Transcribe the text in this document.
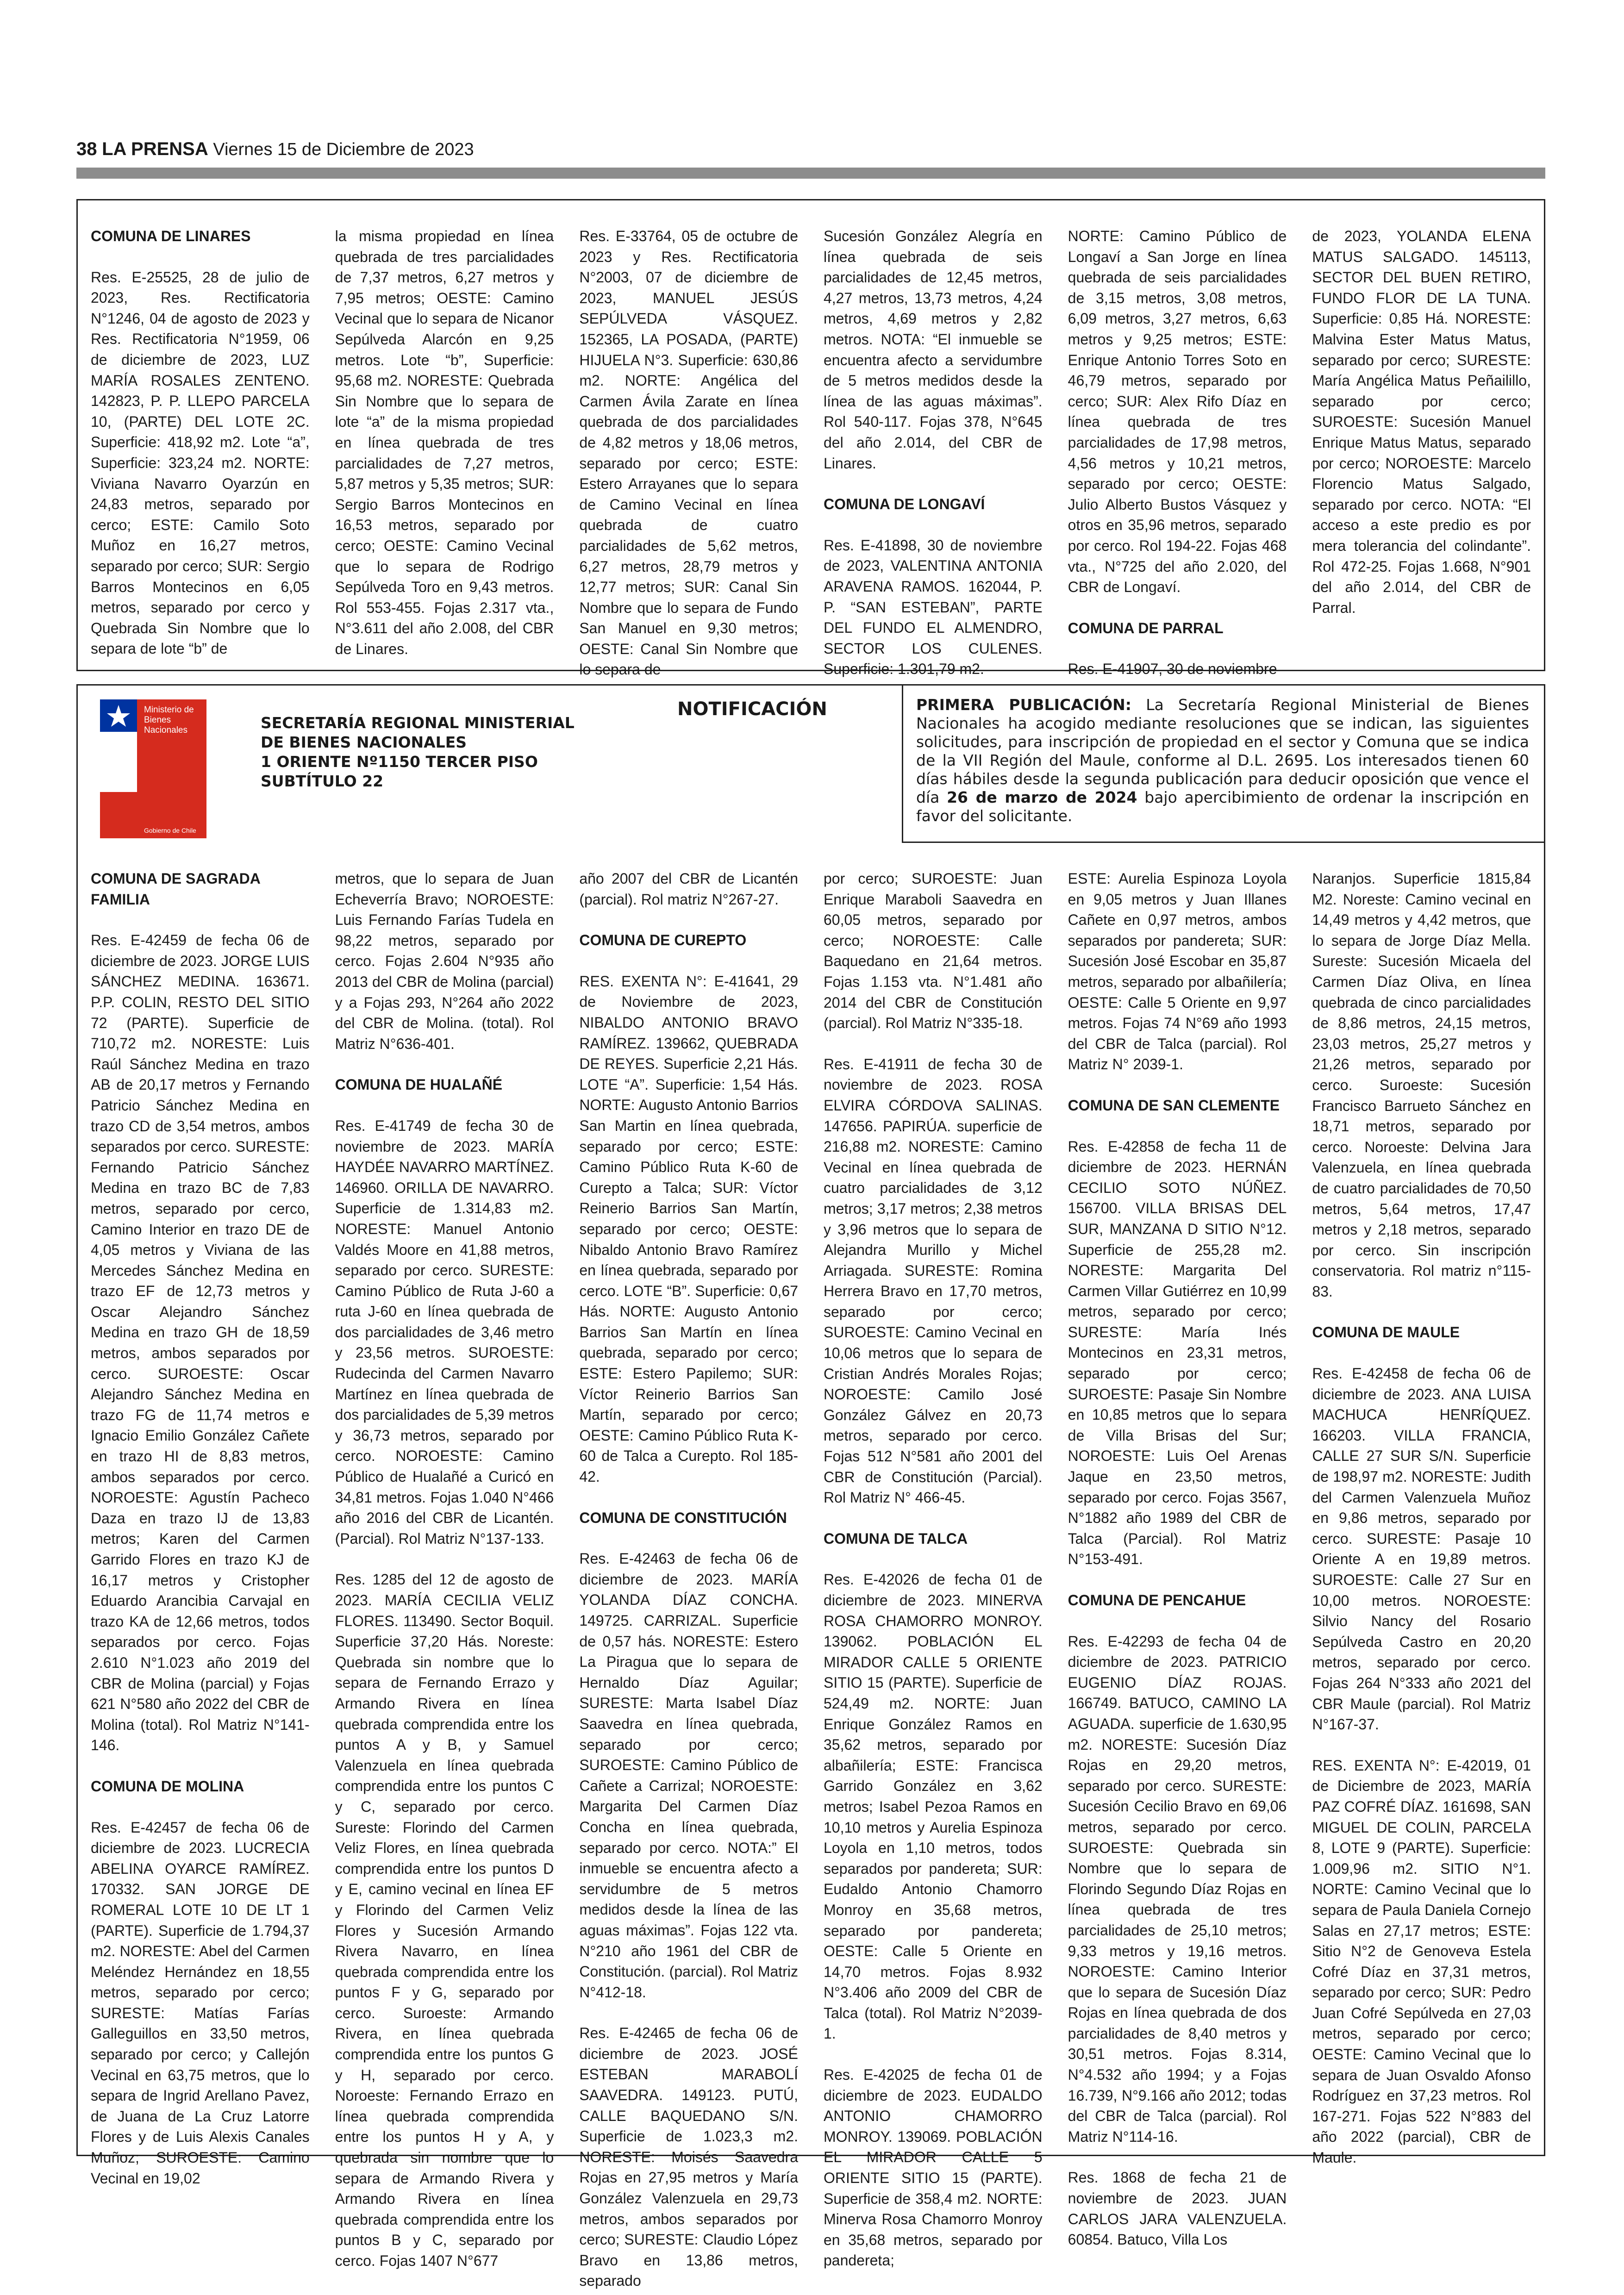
38 LA PRENSA Viernes 15 de Diciembre de 2023
COMUNA DE LINARES

Res. E-25525, 28 de julio de 2023, Res. Rectificatoria N°1246, 04 de agosto de 2023 y Res. Rectificatoria N°1959, 06 de diciembre de 2023, LUZ MARÍA ROSALES ZENTENO. 142823, P. P. LLEPO PARCELA 10, (PARTE) DEL LOTE 2C. Superficie: 418,92 m2. Lote “a”, Superficie: 323,24 m2. NORTE: Viviana Navarro Oyarzún en 24,83 metros, separado por cerco; ESTE: Camilo Soto Muñoz en 16,27 metros, separado por cerco; SUR: Sergio Barros Montecinos en 6,05 metros, separado por cerco y Quebrada Sin Nombre que lo separa de lote “b” de

la misma propiedad en línea quebrada de tres parcialidades de 7,37 metros, 6,27 metros y 7,95 metros; OESTE: Camino Vecinal que lo separa de Nicanor Sepúlveda Alarcón en 9,25 metros. Lote “b”, Superficie: 95,68 m2. NORESTE: Quebrada Sin Nombre que lo separa de lote “a” de la misma propiedad en línea quebrada de tres parcialidades de 7,27 metros, 5,87 metros y 5,35 metros; SUR: Sergio Barros Montecinos en 16,53 metros, separado por cerco; OESTE: Camino Vecinal que lo separa de Rodrigo Sepúlveda Toro en 9,43 metros. Rol 553-455. Fojas 2.317 vta., N°3.611 del año 2.008, del CBR de Linares.

Res. E-33764, 05 de octubre de 2023 y Res. Rectificatoria N°2003, 07 de diciembre de 2023, MANUEL JESÚS SEPÚLVEDA VÁSQUEZ. 152365, LA POSADA, (PARTE) HIJUELA N°3. Superficie: 630,86 m2. NORTE: Angélica del Carmen Ávila Zarate en línea quebrada de dos parcialidades de 4,82 metros y 18,06 metros, separado por cerco; ESTE: Estero Arrayanes que lo separa de Camino Vecinal en línea quebrada de cuatro parcialidades de 5,62 metros, 6,27 metros, 28,79 metros y 12,77 metros; SUR: Canal Sin Nombre que lo separa de Fundo San Manuel en 9,30 metros; OESTE: Canal Sin Nombre que lo separa de

Sucesión González Alegría en línea quebrada de seis parcialidades de 12,45 metros, 4,27 metros, 13,73 metros, 4,24 metros, 4,69 metros y 2,82 metros. NOTA: “El inmueble se encuentra afecto a servidumbre de 5 metros medidos desde la línea de las aguas máximas”. Rol 540-117. Fojas 378, N°645 del año 2.014, del CBR de Linares.

COMUNA DE LONGAVÍ

Res. E-41898, 30 de noviembre de 2023, VALENTINA ANTONIA ARAVENA RAMOS. 162044, P. P. “SAN ESTEBAN”, PARTE DEL FUNDO EL ALMENDRO, SECTOR LOS CULENES. Superficie: 1.301,79 m2.

NORTE: Camino Público de Longaví a San Jorge en línea quebrada de seis parcialidades de 3,15 metros, 3,08 metros, 6,09 metros, 3,27 metros, 6,63 metros y 9,25 metros; ESTE: Enrique Antonio Torres Soto en 46,79 metros, separado por cerco; SUR: Alex Rifo Díaz en línea quebrada de tres parcialidades de 17,98 metros, 4,56 metros y 10,21 metros, separado por cerco; OESTE: Julio Alberto Bustos Vásquez y otros en 35,96 metros, separado por cerco. Rol 194-22. Fojas 468 vta., N°725 del año 2.020, del CBR de Longaví.

COMUNA DE PARRAL

Res. E-41907, 30 de noviembre

de 2023, YOLANDA ELENA MATUS SALGADO. 145113, SECTOR DEL BUEN RETIRO, FUNDO FLOR DE LA TUNA. Superficie: 0,85 Há. NORESTE: Malvina Ester Matus Matus, separado por cerco; SURESTE: María Angélica Matus Peñailillo, separado por cerco; SUROESTE: Sucesión Manuel Enrique Matus Matus, separado por cerco; NOROESTE: Marcelo Florencio Matus Salgado, separado por cerco. NOTA: “El acceso a este predio es por mera tolerancia del colindante”. Rol 472-25. Fojas 1.668, N°901 del año 2.014, del CBR de Parral.

Ministerio de
Bienes
Nacionales
Gobierno de Chile
SECRETARÍA REGIONAL MINISTERIAL
DE BIENES NACIONALES
1 ORIENTE Nº1150 TERCER PISO
SUBTÍTULO 22
NOTIFICACIÓN	PRIMERA PUBLICACIÓN: La Secretaría Regional Ministerial de Bienes Nacionales ha acogido mediante resoluciones que se indican, las siguientes solicitudes, para inscripción de propiedad en el sector y Comuna que se indica de la VII Región del Maule, conforme al D.L. 2695. Los interesados tienen 60 días hábiles desde la segunda publicación para deducir oposición que vence el día 26 de marzo de 2024 bajo apercibimiento de ordenar la inscripción en favor del solicitante.
COMUNA DE SAGRADA FAMILIA

Res. E-42459 de fecha 06 de diciembre de 2023. JORGE LUIS SÁNCHEZ MEDINA. 163671. P.P. COLIN, RESTO DEL SITIO 72 (PARTE). Superficie de 710,72 m2. NORESTE: Luis Raúl Sánchez Medina en trazo AB de 20,17 metros y Fernando Patricio Sánchez Medina en trazo CD de 3,54 metros, ambos separados por cerco. SURESTE: Fernando Patricio Sánchez Medina en trazo BC de 7,83 metros, separado por cerco, Camino Interior en trazo DE de 4,05 metros y Viviana de las Mercedes Sánchez Medina en trazo EF de 12,73 metros y Oscar Alejandro Sánchez Medina en trazo GH de 18,59 metros, ambos separados por cerco. SUROESTE: Oscar Alejandro Sánchez Medina en trazo FG de 11,74 metros e Ignacio Emilio González Cañete en trazo HI de 8,83 metros, ambos separados por cerco. NOROESTE: Agustín Pacheco Daza en trazo IJ de 13,83 metros; Karen del Carmen Garrido Flores en trazo KJ de 16,17 metros y Cristopher Eduardo Arancibia Carvajal en trazo KA de 12,66 metros, todos separados por cerco. Fojas 2.610 N°1.023 año 2019 del CBR de Molina (parcial) y Fojas 621 N°580 año 2022 del CBR de Molina (total). Rol Matriz N°141-146.

COMUNA DE MOLINA

Res. E-42457 de fecha 06 de diciembre de 2023. LUCRECIA ABELINA OYARCE RAMÍREZ. 170332. SAN JORGE DE ROMERAL LOTE 10 DE LT 1 (PARTE). Superficie de 1.794,37 m2. NORESTE: Abel del Carmen Meléndez Hernández en 18,55 metros, separado por cerco; SURESTE: Matías Farías Galleguillos en 33,50 metros, separado por cerco; y Callejón Vecinal en 63,75 metros, que lo separa de Ingrid Arellano Pavez, de Juana de La Cruz Latorre Flores y de Luis Alexis Canales Muñoz; SUROESTE: Camino Vecinal en 19,02

metros, que lo separa de Juan Echeverría Bravo; NOROESTE: Luis Fernando Farías Tudela en 98,22 metros, separado por cerco. Fojas 2.604 N°935 año 2013 del CBR de Molina (parcial) y a Fojas 293, N°264 año 2022 del CBR de Molina. (total). Rol Matriz N°636-401.

COMUNA DE HUALAÑÉ

Res. E-41749 de fecha 30 de noviembre de 2023. MARÍA HAYDÉE NAVARRO MARTÍNEZ. 146960. ORILLA DE NAVARRO. Superficie de 1.314,83 m2. NORESTE: Manuel Antonio Valdés Moore en 41,88 metros, separado por cerco. SURESTE: Camino Público de Ruta J-60 a ruta J-60 en línea quebrada de dos parcialidades de 3,46 metro y 23,56 metros. SUROESTE: Rudecinda del Carmen Navarro Martínez en línea quebrada de dos parcialidades de 5,39 metros y 36,73 metros, separado por cerco. NOROESTE: Camino Público de Hualañé a Curicó en 34,81 metros. Fojas 1.040 N°466 año 2016 del CBR de Licantén. (Parcial). Rol Matriz N°137-133.

Res. 1285 del 12 de agosto de 2023. MARÍA CECILIA VELIZ FLORES. 113490. Sector Boquil. Superficie 37,20 Hás. Noreste: Quebrada sin nombre que lo separa de Fernando Errazo y Armando Rivera en línea quebrada comprendida entre los puntos A y B, y Samuel Valenzuela en línea quebrada comprendida entre los puntos C y C, separado por cerco. Sureste: Florindo del Carmen Veliz Flores, en línea quebrada comprendida entre los puntos D y E, camino vecinal en línea EF y Florindo del Carmen Veliz Flores y Sucesión Armando Rivera Navarro, en línea quebrada comprendida entre los puntos F y G, separado por cerco. Suroeste: Armando Rivera, en línea quebrada comprendida entre los puntos G y H, separado por cerco. Noroeste: Fernando Errazo en línea quebrada comprendida entre los puntos H y A, y quebrada sin nombre que lo separa de Armando Rivera y Armando Rivera en línea quebrada comprendida entre los puntos B y C, separado por cerco. Fojas 1407 N°677

año 2007 del CBR de Licantén (parcial). Rol matriz N°267-27.

COMUNA DE CUREPTO

RES. EXENTA N°: E-41641, 29 de Noviembre de 2023, NIBALDO ANTONIO BRAVO RAMÍREZ. 139662, QUEBRADA DE REYES. Superficie 2,21 Hás. LOTE “A”. Superficie: 1,54 Hás. NORTE: Augusto Antonio Barrios San Martin en línea quebrada, separado por cerco; ESTE: Camino Público Ruta K-60 de Curepto a Talca; SUR: Víctor Reinerio Barrios San Martín, separado por cerco; OESTE: Nibaldo Antonio Bravo Ramírez en línea quebrada, separado por cerco. LOTE “B”. Superficie: 0,67 Hás. NORTE: Augusto Antonio Barrios San Martín en línea quebrada, separado por cerco; ESTE: Estero Papilemo; SUR: Víctor Reinerio Barrios San Martín, separado por cerco; OESTE: Camino Público Ruta K-60 de Talca a Curepto. Rol 185-42.

COMUNA DE CONSTITUCIÓN

Res. E-42463 de fecha 06 de diciembre de 2023. MARÍA YOLANDA DÍAZ CONCHA. 149725. CARRIZAL. Superficie de 0,57 hás. NORESTE: Estero La Piragua que lo separa de Hernaldo Díaz Aguilar; SURESTE: Marta Isabel Díaz Saavedra en línea quebrada, separado por cerco; SUROESTE: Camino Público de Cañete a Carrizal; NOROESTE: Margarita Del Carmen Díaz Concha en línea quebrada, separado por cerco. NOTA:” El inmueble se encuentra afecto a servidumbre de 5 metros medidos desde la línea de las aguas máximas”. Fojas 122 vta. N°210 año 1961 del CBR de Constitución. (parcial). Rol Matriz N°412-18.

Res. E-42465 de fecha 06 de diciembre de 2023. JOSÉ ESTEBAN MARABOLÍ SAAVEDRA. 149123. PUTÚ, CALLE BAQUEDANO S/N. Superficie de 1.023,3 m2. NORESTE: Moisés Saavedra Rojas en 27,95 metros y María González Valenzuela en 29,73 metros, ambos separados por cerco; SURESTE: Claudio López Bravo en 13,86 metros, separado

por cerco; SUROESTE: Juan Enrique Maraboli Saavedra en 60,05 metros, separado por cerco; NOROESTE: Calle Baquedano en 21,64 metros. Fojas 1.153 vta. N°1.481 año 2014 del CBR de Constitución (parcial). Rol Matriz N°335-18.

Res. E-41911 de fecha 30 de noviembre de 2023. ROSA ELVIRA CÓRDOVA SALINAS. 147656. PAPIRÚA. superficie de 216,88 m2. NORESTE: Camino Vecinal en línea quebrada de cuatro parcialidades de 3,12 metros; 3,17 metros; 2,38 metros y 3,96 metros que lo separa de Alejandra Murillo y Michel Arriagada. SURESTE: Romina Herrera Bravo en 17,70 metros, separado por cerco; SUROESTE: Camino Vecinal en 10,06 metros que lo separa de Cristian Andrés Morales Rojas; NOROESTE: Camilo José González Gálvez en 20,73 metros, separado por cerco. Fojas 512 N°581 año 2001 del CBR de Constitución (Parcial). Rol Matriz N° 466-45.

COMUNA DE TALCA

Res. E-42026 de fecha 01 de diciembre de 2023. MINERVA ROSA CHAMORRO MONROY. 139062. POBLACIÓN EL MIRADOR CALLE 5 ORIENTE SITIO 15 (PARTE). Superficie de 524,49 m2. NORTE: Juan Enrique González Ramos en 35,62 metros, separado por albañilería; ESTE: Francisca Garrido González en 3,62 metros; Isabel Pezoa Ramos en 10,10 metros y Aurelia Espinoza Loyola en 1,10 metros, todos separados por pandereta; SUR: Eudaldo Antonio Chamorro Monroy en 35,68 metros, separado por pandereta; OESTE: Calle 5 Oriente en 14,70 metros. Fojas 8.932 N°3.406 año 2009 del CBR de Talca (total). Rol Matriz N°2039-1.

Res. E-42025 de fecha 01 de diciembre de 2023. EUDALDO ANTONIO CHAMORRO MONROY. 139069. POBLACIÓN EL MIRADOR CALLE 5 ORIENTE SITIO 15 (PARTE). Superficie de 358,4 m2. NORTE: Minerva Rosa Chamorro Monroy en 35,68 metros, separado por pandereta;

ESTE: Aurelia Espinoza Loyola en 9,05 metros y Juan Illanes Cañete en 0,97 metros, ambos separados por pandereta; SUR: Sucesión José Escobar en 35,87 metros, separado por albañilería; OESTE: Calle 5 Oriente en 9,97 metros. Fojas 74 N°69 año 1993 del CBR de Talca (parcial). Rol Matriz N° 2039-1.

COMUNA DE SAN CLEMENTE

Res. E-42858 de fecha 11 de diciembre de 2023. HERNÁN CECILIO SOTO NÚÑEZ. 156700. VILLA BRISAS DEL SUR, MANZANA D SITIO N°12. Superficie de 255,28 m2. NORESTE: Margarita Del Carmen Villar Gutiérrez en 10,99 metros, separado por cerco; SURESTE: María Inés Montecinos en 23,31 metros, separado por cerco; SUROESTE: Pasaje Sin Nombre en 10,85 metros que lo separa de Villa Brisas del Sur; NOROESTE: Luis Oel Arenas Jaque en 23,50 metros, separado por cerco. Fojas 3567, N°1882 año 1989 del CBR de Talca (Parcial). Rol Matriz N°153-491.

COMUNA DE PENCAHUE

Res. E-42293 de fecha 04 de diciembre de 2023. PATRICIO EUGENIO DÍAZ ROJAS. 166749. BATUCO, CAMINO LA AGUADA. superficie de 1.630,95 m2. NORESTE: Sucesión Díaz Rojas en 29,20 metros, separado por cerco. SURESTE: Sucesión Cecilio Bravo en 69,06 metros, separado por cerco. SUROESTE: Quebrada sin Nombre que lo separa de Florindo Segundo Díaz Rojas en línea quebrada de tres parcialidades de 25,10 metros; 9,33 metros y 19,16 metros. NOROESTE: Camino Interior que lo separa de Sucesión Díaz Rojas en línea quebrada de dos parcialidades de 8,40 metros y 30,51 metros. Fojas 8.314, N°4.532 año 1994; y a Fojas 16.739, N°9.166 año 2012; todas del CBR de Talca (parcial). Rol Matriz N°114-16.

Res. 1868 de fecha 21 de noviembre de 2023. JUAN CARLOS JARA VALENZUELA. 60854. Batuco, Villa Los

Naranjos. Superficie 1815,84 M2. Noreste: Camino vecinal en 14,49 metros y 4,42 metros, que lo separa de Jorge Díaz Mella. Sureste: Sucesión Micaela del Carmen Díaz Oliva, en línea quebrada de cinco parcialidades de 8,86 metros, 24,15 metros, 23,03 metros, 25,27 metros y 21,26 metros, separado por cerco. Suroeste: Sucesión Francisco Barrueto Sánchez en 18,71 metros, separado por cerco. Noroeste: Delvina Jara Valenzuela, en línea quebrada de cuatro parcialidades de 70,50 metros, 5,64 metros, 17,47 metros y 2,18 metros, separado por cerco. Sin inscripción conservatoria. Rol matriz n°115-83.

COMUNA DE MAULE

Res. E-42458 de fecha 06 de diciembre de 2023. ANA LUISA MACHUCA HENRÍQUEZ. 166203. VILLA FRANCIA, CALLE 27 SUR S/N. Superficie de 198,97 m2. NORESTE: Judith del Carmen Valenzuela Muñoz en 9,86 metros, separado por cerco. SURESTE: Pasaje 10 Oriente A en 19,89 metros. SUROESTE: Calle 27 Sur en 10,00 metros. NOROESTE: Silvio Nancy del Rosario Sepúlveda Castro en 20,20 metros, separado por cerco. Fojas 264 N°333 año 2021 del CBR Maule (parcial). Rol Matriz N°167-37.

RES. EXENTA N°: E-42019, 01 de Diciembre de 2023, MARÍA PAZ COFRÉ DÍAZ. 161698, SAN MIGUEL DE COLIN, PARCELA 8, LOTE 9 (PARTE). Superficie: 1.009,96 m2. SITIO N°1. NORTE: Camino Vecinal que lo separa de Paula Daniela Cornejo Salas en 27,17 metros; ESTE: Sitio N°2 de Genoveva Estela Cofré Díaz en 37,31 metros, separado por cerco; SUR: Pedro Juan Cofré Sepúlveda en 27,03 metros, separado por cerco; OESTE: Camino Vecinal que lo separa de Juan Osvaldo Afonso Rodríguez en 37,23 metros. Rol 167-271. Fojas 522 N°883 del año 2022 (parcial), CBR de Maule.
